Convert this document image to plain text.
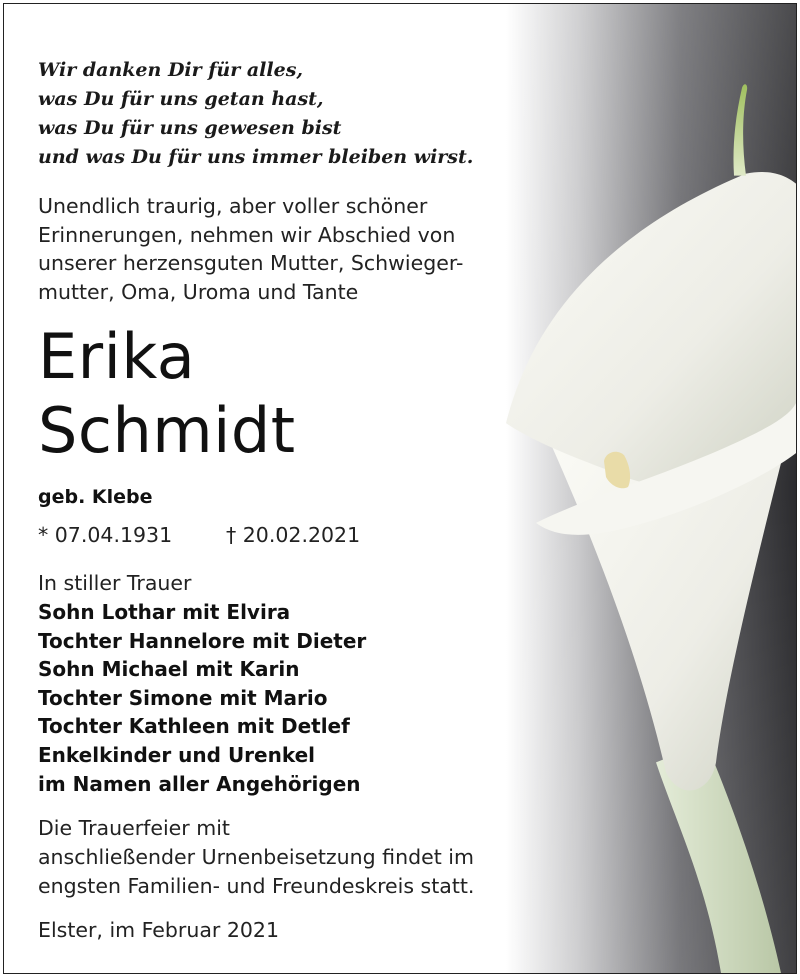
Wir danken Dir für alles,
was Du für uns getan hast,
was Du für uns gewesen bist
und was Du für uns immer bleiben wirst.
Unendlich traurig, aber voller schöner
Erinnerungen, nehmen wir Abschied von
unserer herzensguten Mutter, Schwieger-
mutter, Oma, Uroma und Tante
Erika
Schmidt
geb. Klebe
* 07.04.1931	† 20.02.2021
In stiller Trauer
Sohn Lothar mit Elvira
Tochter Hannelore mit Dieter
Sohn Michael mit Karin
Tochter Simone mit Mario
Tochter Kathleen mit Detlef
Enkelkinder und Urenkel
im Namen aller Angehörigen
Die Trauerfeier mit
anschließender Urnenbeisetzung findet im
engsten Familien- und Freundeskreis statt.
Elster, im Februar 2021
